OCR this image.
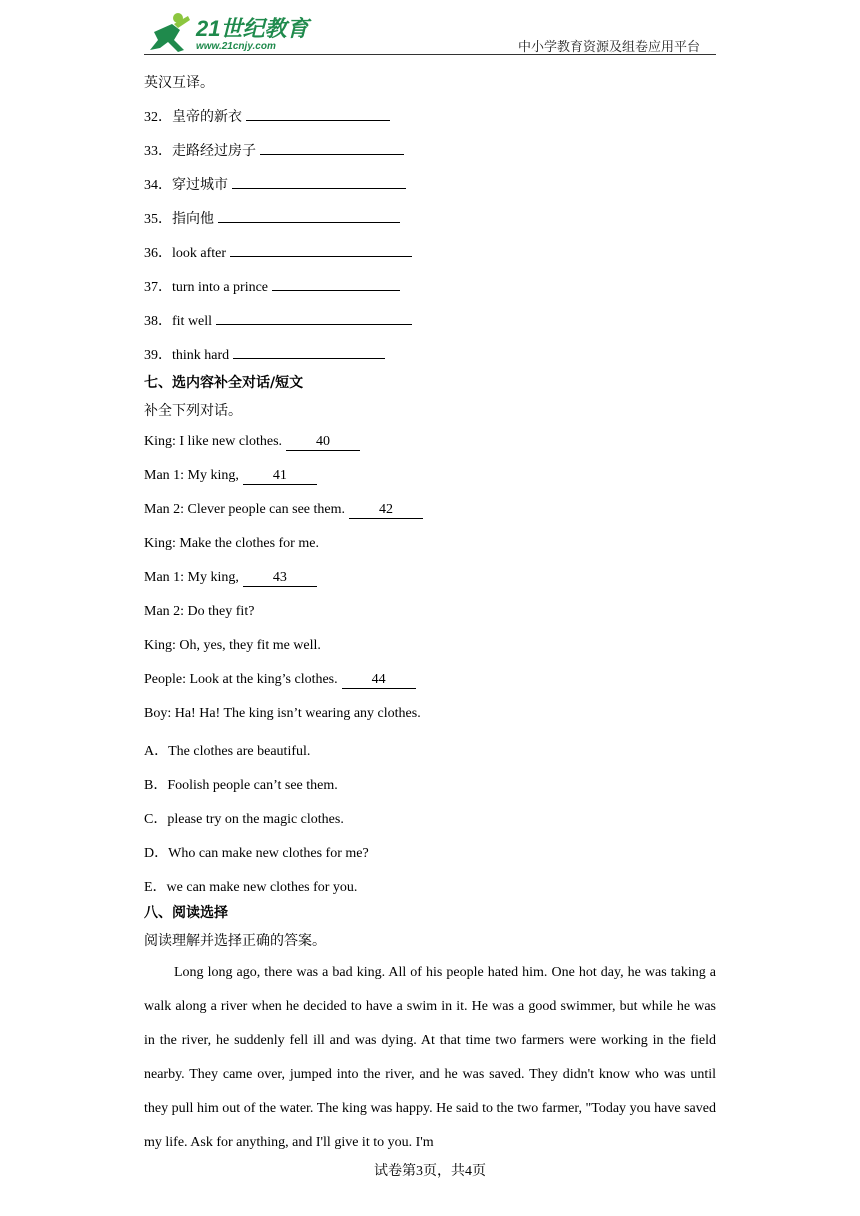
21世纪教育
www.21cnjy.com	中小学教育资源及组卷应用平台
英汉互译。
32．皇帝的新衣
33．走路经过房子
34．穿过城市
35．指向他
36．look after
37．turn into a prince
38．fit well
39．think hard
七、选内容补全对话/短文
补全下列对话。
King: I like new clothes. 40
Man 1: My king, 41
Man 2: Clever people can see them. 42
King: Make the clothes for me.
Man 1: My king, 43
Man 2: Do they fit?
King: Oh, yes, they fit me well.
People: Look at the king’s clothes. 44
Boy: Ha! Ha! The king isn’t wearing any clothes.
A．The clothes are beautiful.
B．Foolish people can’t see them.
C．please try on the magic clothes.
D．Who can make new clothes for me?
E．we can make new clothes for you.
八、阅读选择
阅读理解并选择正确的答案。
Long long ago, there was a bad king. All of his people hated him. One hot day, he was taking a walk along a river when he decided to have a swim in it. He was a good swimmer, but while he was in the river, he suddenly fell ill and was dying. At that time two farmers were working in the field nearby. They came over, jumped into the river, and he was saved. They didn't know who was until they pull him out of the water. The king was happy. He said to the two farmer, "Today you have saved my life. Ask for anything, and I'll give it to you. I'm
试卷第3页，共4页
